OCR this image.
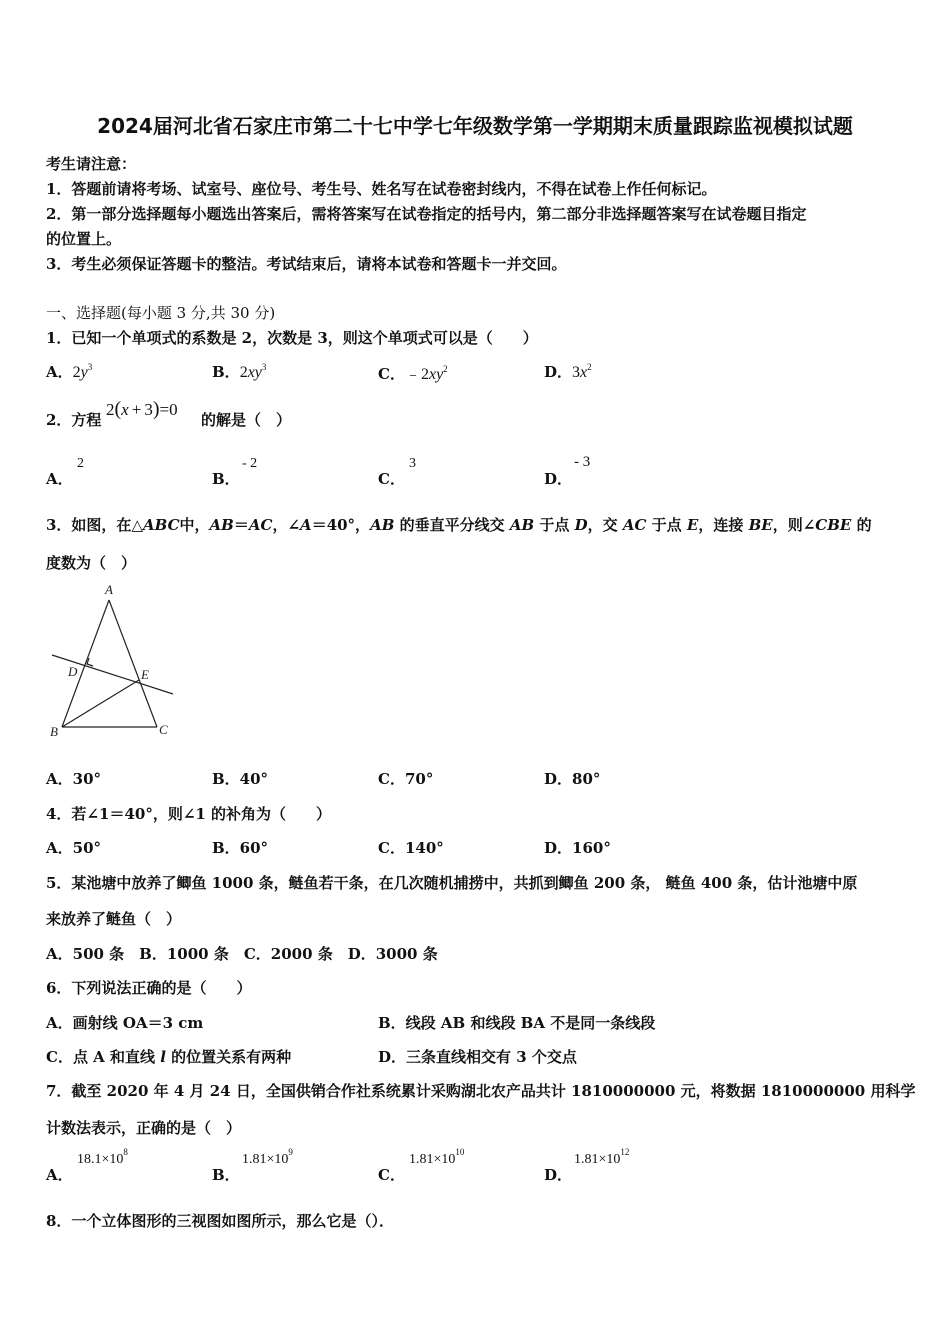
2024届河北省石家庄市第二十七中学七年级数学第一学期期末质量跟踪监视模拟试题
考生请注意：
1．答题前请将考场、试室号、座位号、考生号、姓名写在试卷密封线内，不得在试卷上作任何标记。
2．第一部分选择题每小题选出答案后，需将答案写在试卷指定的括号内，第二部分非选择题答案写在试卷题目指定
的位置上。
3．考生必须保证答题卡的整洁。考试结束后，请将本试卷和答题卡一并交回。
一、选择题(每小题 3 分,共 30 分)
1．已知一个单项式的系数是 2，次数是 3，则这个单项式可以是（　　）
A．$2y^3$	B．$2xy^3$	C．$﹣2xy^2$	D．$3x^2$
2．方程
2(x + 3)=0
的解是（　）
A．
2
B．
- 2
C．
3
D．
- 3
3．如图，在△ABC中，AB＝AC，∠A＝40°，AB 的垂直平分线交 AB 于点 D，交 AC 于点 E，连接 BE，则∠CBE 的
度数为（　）
A
B	C
D	E
A．30°	B．40°	C．70°	D．80°
4．若∠1＝40°，则∠1 的补角为（　　）
A．50°	B．60°	C．140°	D．160°
5．某池塘中放养了鲫鱼 1000 条，鲢鱼若干条，在几次随机捕捞中，共抓到鲫鱼 200 条， 鲢鱼 400 条，估计池塘中原
来放养了鲢鱼（　）
A．500 条　B．1000 条　C．2000 条　D．3000 条
6．下列说法正确的是（　　）
A．画射线 OA＝3 cm	B．线段 AB 和线段 BA 不是同一条线段
C．点 A 和直线 l 的位置关系有两种	D．三条直线相交有 3 个交点
7．截至 2020 年 4 月 24 日，全国供销合作社系统累计采购湖北农产品共计 1810000000 元，将数据 1810000000 用科学
计数法表示，正确的是（　）
A．
$18.1\times 10^8$
B．
$1.81\times 10^9$
C．
$1.81\times 10^{10}$
D．
$1.81\times 10^{12}$
8．一个立体图形的三视图如图所示，那么它是（）．
